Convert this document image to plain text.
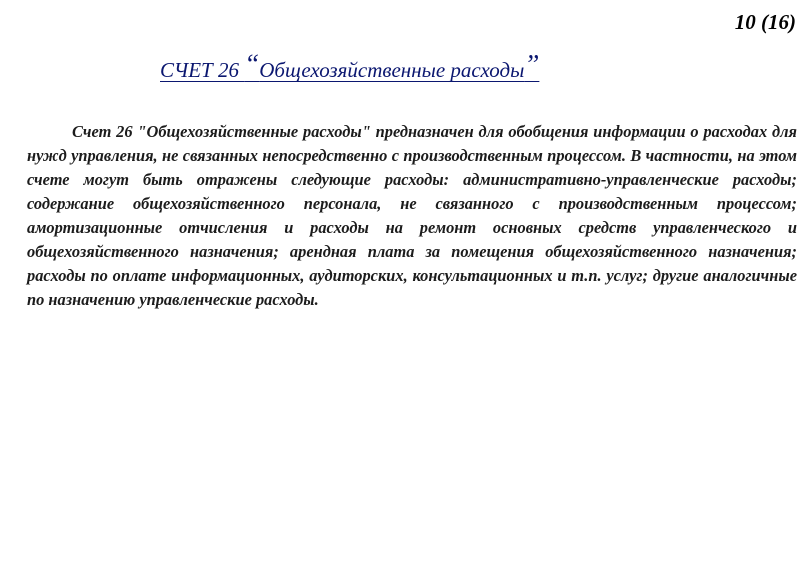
10 (16)
СЧЕТ 26 “Общехозяйственные расходы”

Счет 26 "Общехозяйственные расходы" предназначен для обобщения информации о расходах для нужд управления, не связанных непосредственно с производственным процессом. В частности, на этом счете могут быть отражены следующие расходы: административно-управленческие расходы; содержание общехозяйственного персонала, не связанного с производственным процессом; амортизационные отчисления и расходы на ремонт основных средств управленческого и общехозяйственного назначения; арендная плата за помещения общехозяйственного назначения; расходы по оплате информационных, аудиторских, консультационных и т.п. услуг; другие аналогичные по назначению управленческие расходы.
